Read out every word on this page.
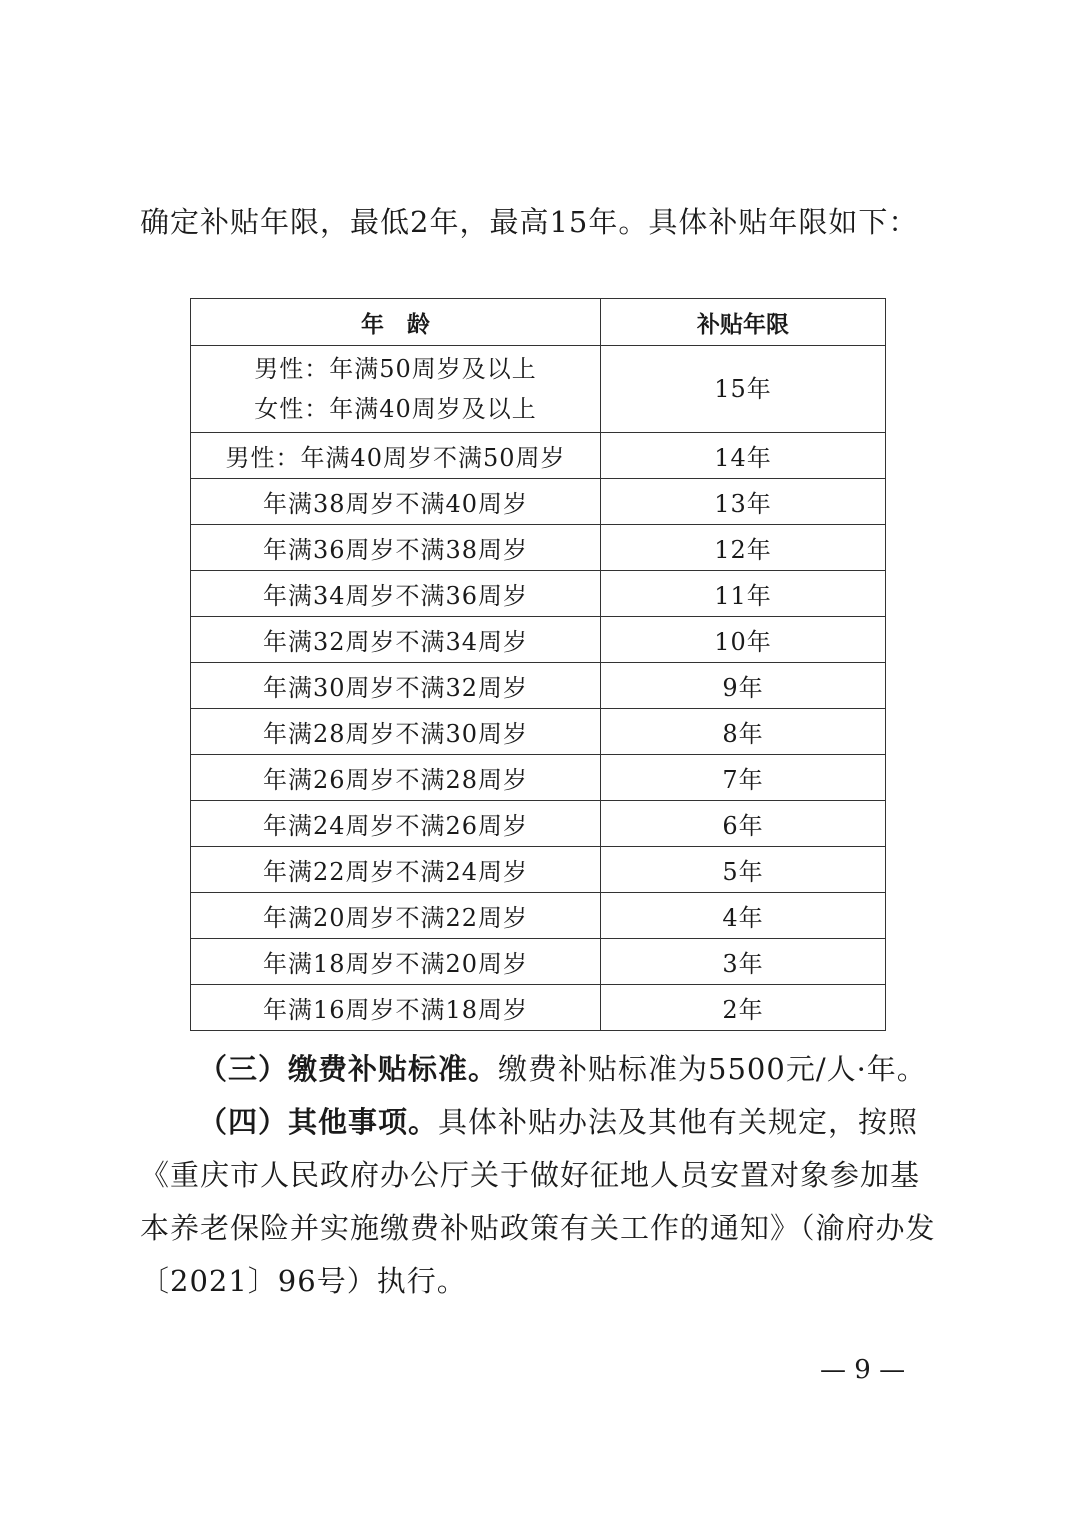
确定补贴年限，最低2年，最高15年。具体补贴年限如下：

年　龄	补贴年限

男性：年满50周岁及以上
女性：年满40周岁及以上	15年
男性：年满40周岁不满50周岁	14年
年满38周岁不满40周岁	13年
年满36周岁不满38周岁	12年
年满34周岁不满36周岁	11年
年满32周岁不满34周岁	10年
年满30周岁不满32周岁	9年
年满28周岁不满30周岁	8年
年满26周岁不满28周岁	7年
年满24周岁不满26周岁	6年
年满22周岁不满24周岁	5年
年满20周岁不满22周岁	4年
年满18周岁不满20周岁	3年
年满16周岁不满18周岁	2年

（三）缴费补贴标准。缴费补贴标准为5500元/人·年。

（四）其他事项。具体补贴办法及其他有关规定，按照《重庆市人民政府办公厅关于做好征地人员安置对象参加基本养老保险并实施缴费补贴政策有关工作的通知》（渝府办发〔2021〕96号）执行。

— 9 —
